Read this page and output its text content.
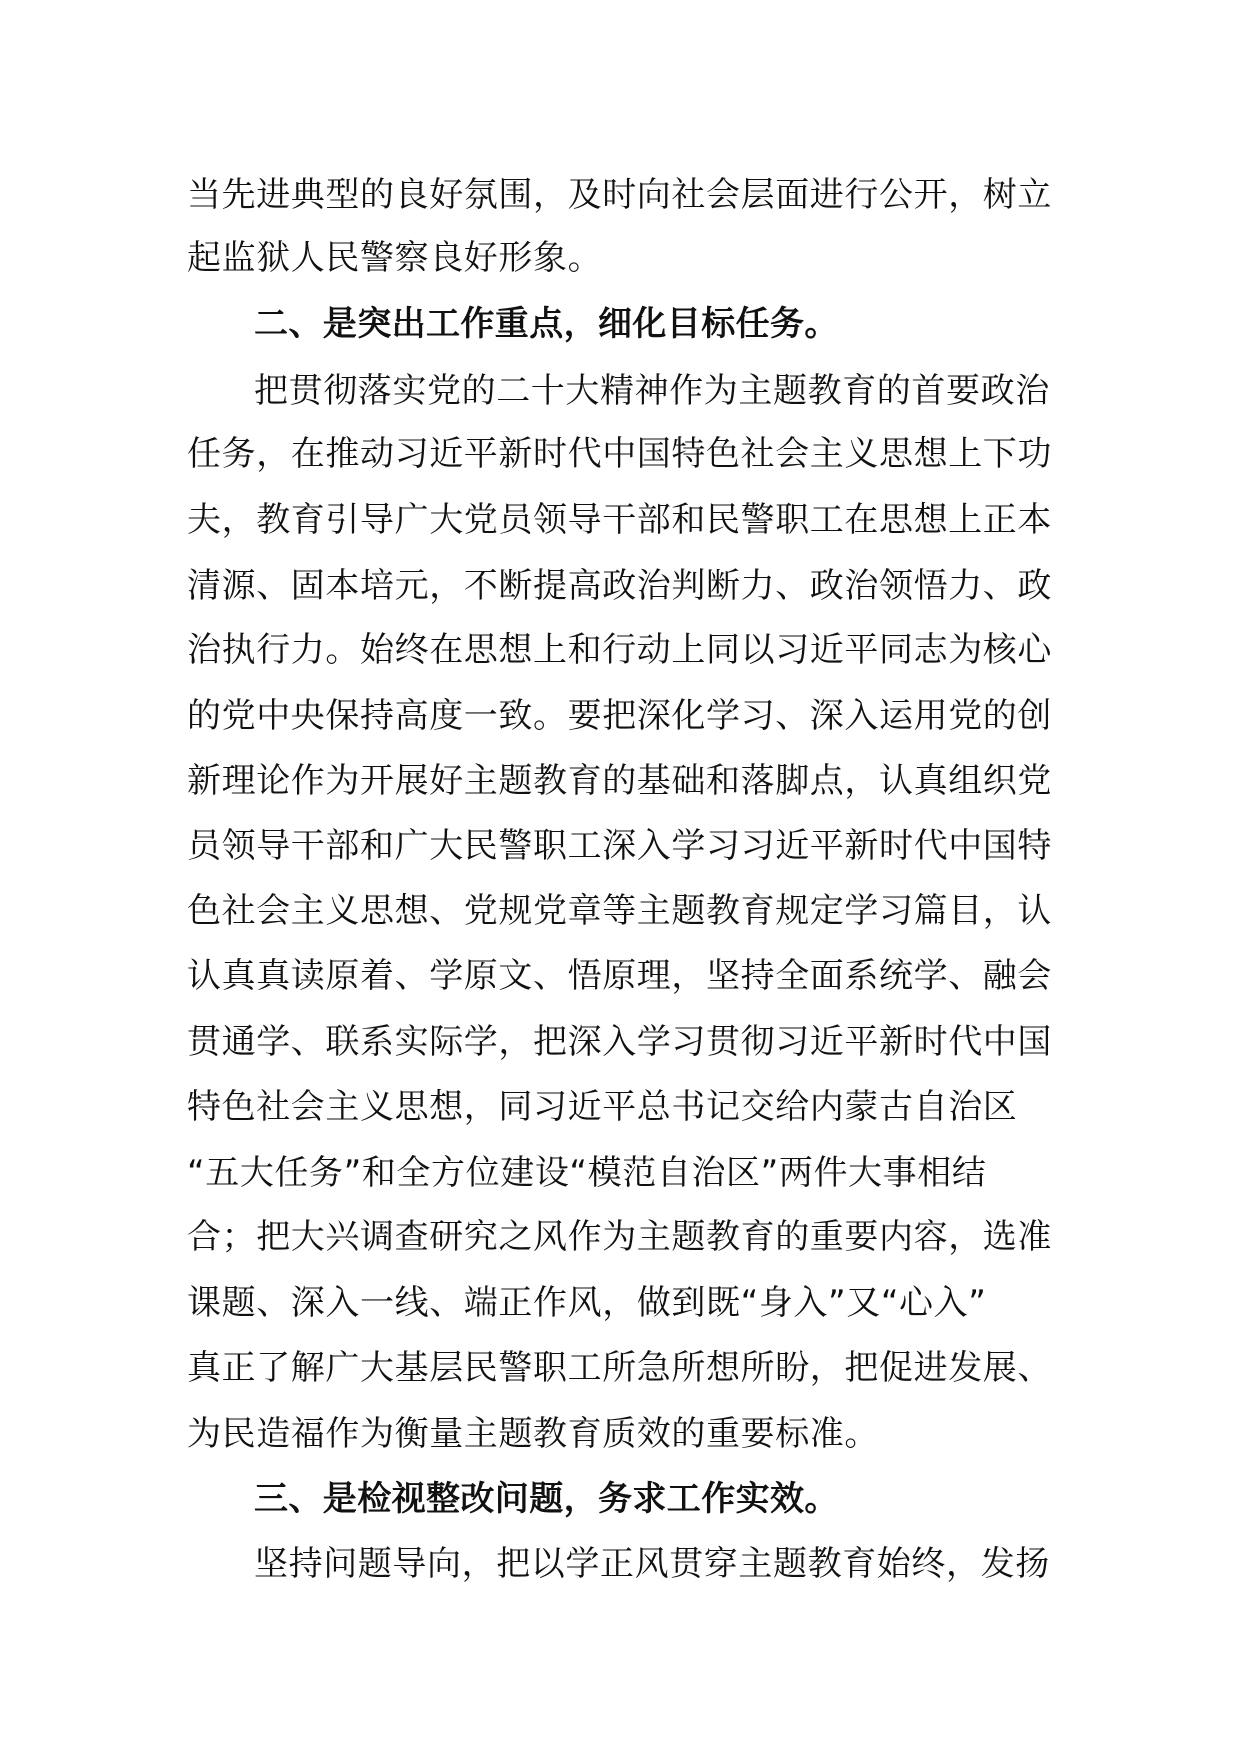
当先进典型的良好氛围，及时向社会层面进行公开，树立
起监狱人民警察良好形象。
二、是突出工作重点，细化目标任务。
把贯彻落实党的二十大精神作为主题教育的首要政治
任务，在推动习近平新时代中国特色社会主义思想上下功
夫，教育引导广大党员领导干部和民警职工在思想上正本
清源、固本培元，不断提高政治判断力、政治领悟力、政
治执行力。始终在思想上和行动上同以习近平同志为核心
的党中央保持高度一致。要把深化学习、深入运用党的创
新理论作为开展好主题教育的基础和落脚点，认真组织党
员领导干部和广大民警职工深入学习习近平新时代中国特
色社会主义思想、党规党章等主题教育规定学习篇目，认
认真真读原着、学原文、悟原理，坚持全面系统学、融会
贯通学、联系实际学，把深入学习贯彻习近平新时代中国
特色社会主义思想，同习近平总书记交给内蒙古自治区
“五大任务”和全方位建设“模范自治区”两件大事相结
合；把大兴调查研究之风作为主题教育的重要内容，选准
课题、深入一线、端正作风，做到既“身入”又“心入”
真正了解广大基层民警职工所急所想所盼，把促进发展、
为民造福作为衡量主题教育质效的重要标准。
三、是检视整改问题，务求工作实效。
坚持问题导向，把以学正风贯穿主题教育始终，发扬
